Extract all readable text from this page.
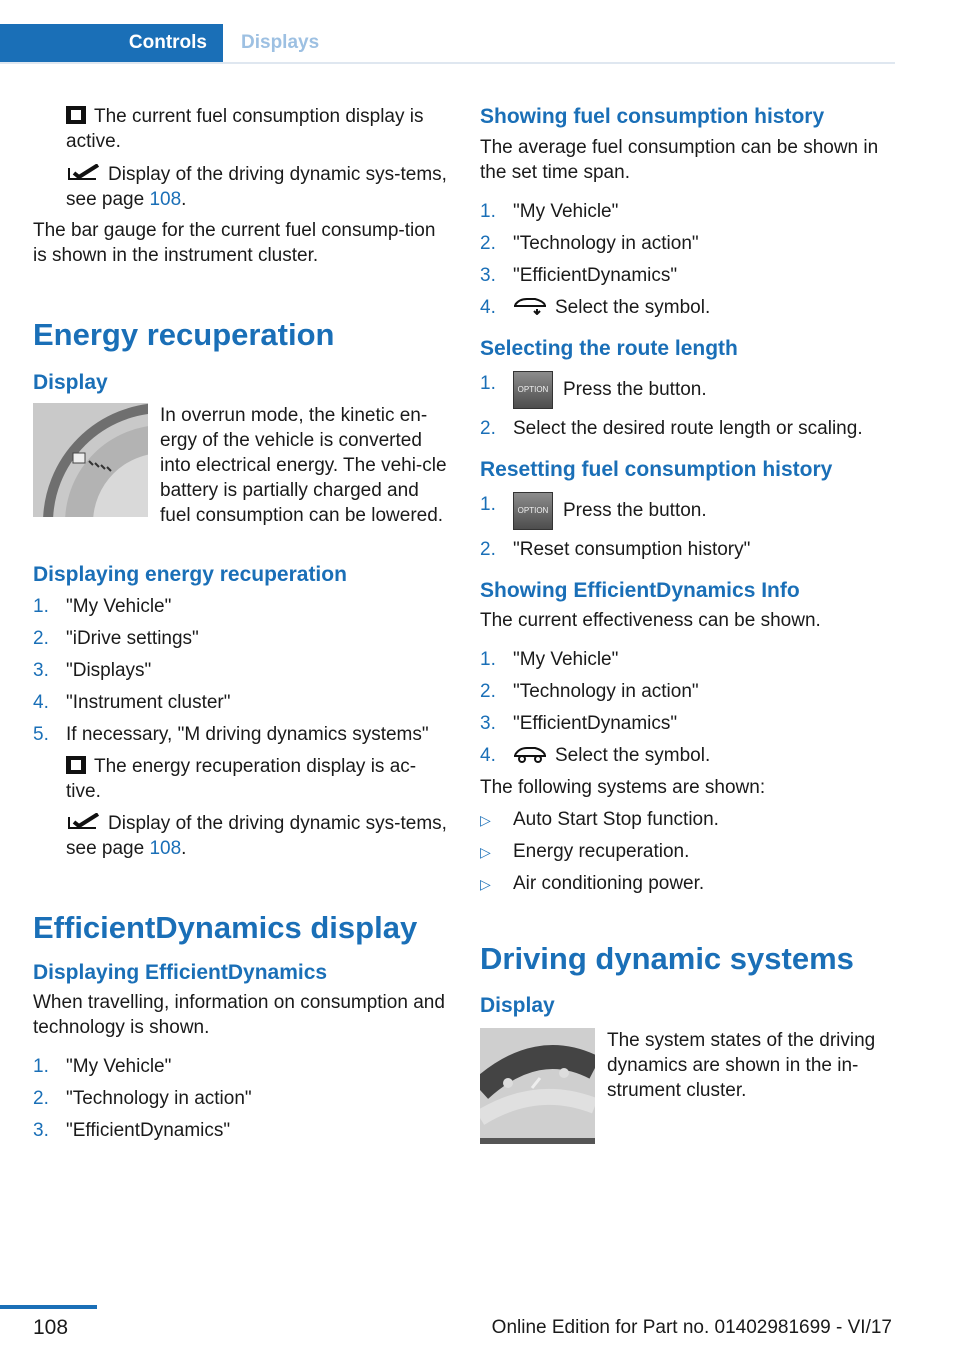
Controls	Displays

The current fuel consumption display is active.

Display of the driving dynamic sys-tems, see page 108.

The bar gauge for the current fuel consump-tion is shown in the instrument cluster.

Energy recuperation
Display

In overrun mode, the kinetic en-ergy of the vehicle is converted into electrical energy. The vehi-cle battery is partially charged and fuel consumption can be lowered.

Displaying energy recuperation
1. "My Vehicle"
2. "iDrive settings"
3. "Displays"
4. "Instrument cluster"
5. If necessary, "M driving dynamics systems"

The energy recuperation display is ac-tive.

Display of the driving dynamic sys-tems, see page 108.

EfficientDynamics display
Displaying EfficientDynamics

When travelling, information on consumption and technology is shown.

1. "My Vehicle"
2. "Technology in action"
3. "EfficientDynamics"
Showing fuel consumption history

The average fuel consumption can be shown in the set time span.

1. "My Vehicle"
2. "Technology in action"
3. "EfficientDynamics"
4.	Select the symbol.
Selecting the route length
1.	OPTION Press the button.
2. Select the desired route length or scaling.
Resetting fuel consumption history
1.	OPTION Press the button.
2. "Reset consumption history"
Showing EfficientDynamics Info

The current effectiveness can be shown.

1. "My Vehicle"
2. "Technology in action"
3. "EfficientDynamics"
4.	Select the symbol.

The following systems are shown:

▷ Auto Start Stop function.
▷ Energy recuperation.
▷ Air conditioning power.
Driving dynamic systems
Display

The system states of the driving dynamics are shown in the in-strument cluster.

108	Online Edition for Part no. 01402981699 - VI/17
